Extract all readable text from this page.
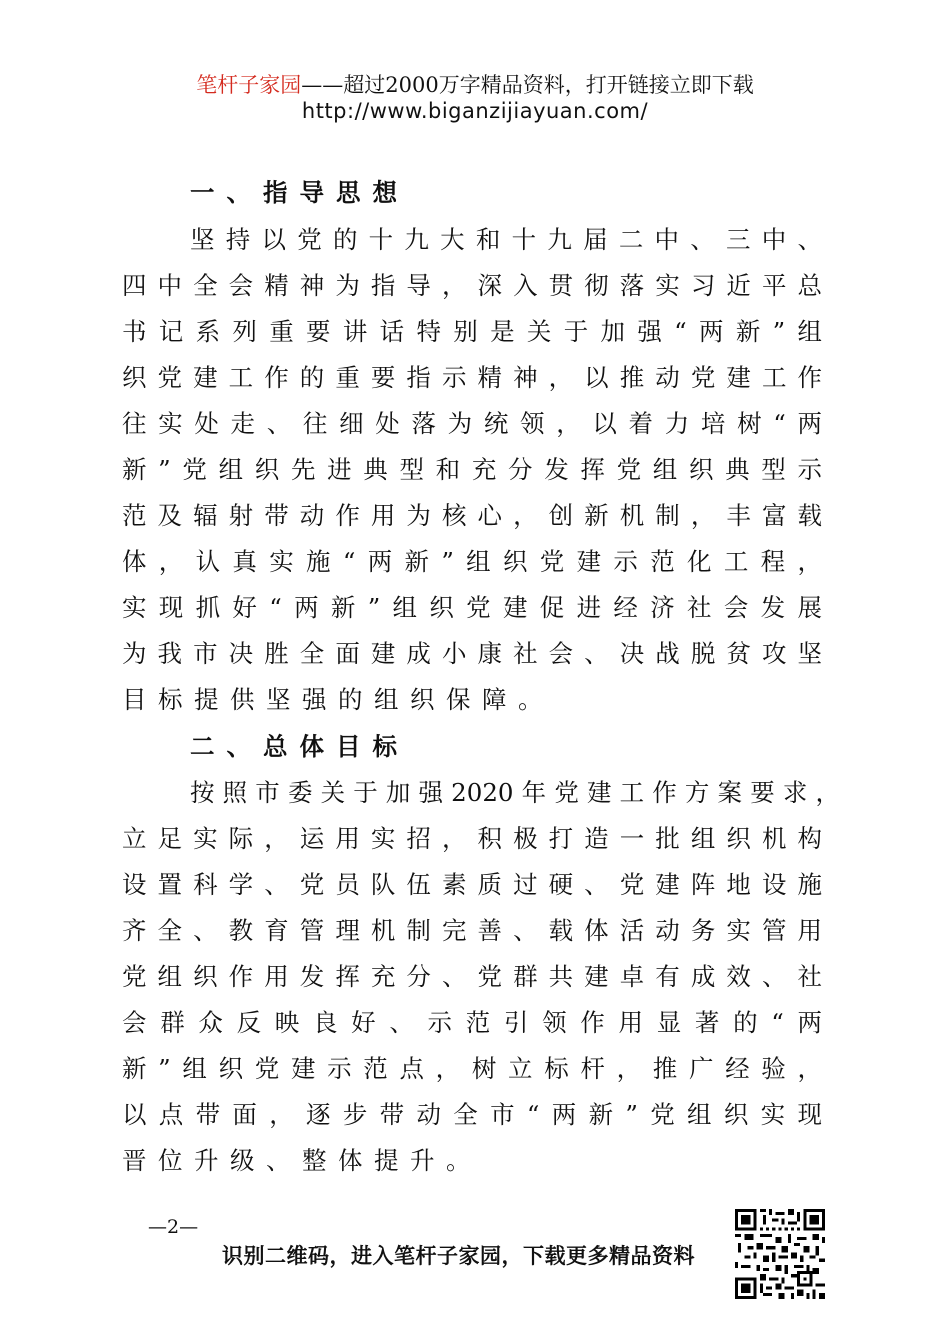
笔杆子家园——超过2000万字精品资料，打开链接立即下载
http://www.biganzijiayuan.com/
一、指导思想
坚持以党的十九大和十九届二中、三中、
四中全会精神为指导，深入贯彻落实习近平总
书记系列重要讲话特别是关于加强“两新”组
织党建工作的重要指示精神，以推动党建工作
往实处走、往细处落为统领，以着力培树“两
新”党组织先进典型和充分发挥党组织典型示
范及辐射带动作用为核心，创新机制，丰富载
体，认真实施“两新”组织党建示范化工程，
实现抓好“两新”组织党建促进经济社会发展
为我市决胜全面建成小康社会、决战脱贫攻坚
目标提供坚强的组织保障。
二、总体目标
按照市委关于加强2020年党建工作方案要求，
立足实际，运用实招，积极打造一批组织机构
设置科学、党员队伍素质过硬、党建阵地设施
齐全、教育管理机制完善、载体活动务实管用
党组织作用发挥充分、党群共建卓有成效、社
会群众反映良好、示范引领作用显著的“两
新”组织党建示范点，树立标杆，推广经验，
以点带面，逐步带动全市“两新”党组织实现
晋位升级、整体提升。
—2—
识别二维码，进入笔杆子家园，下载更多精品资料
